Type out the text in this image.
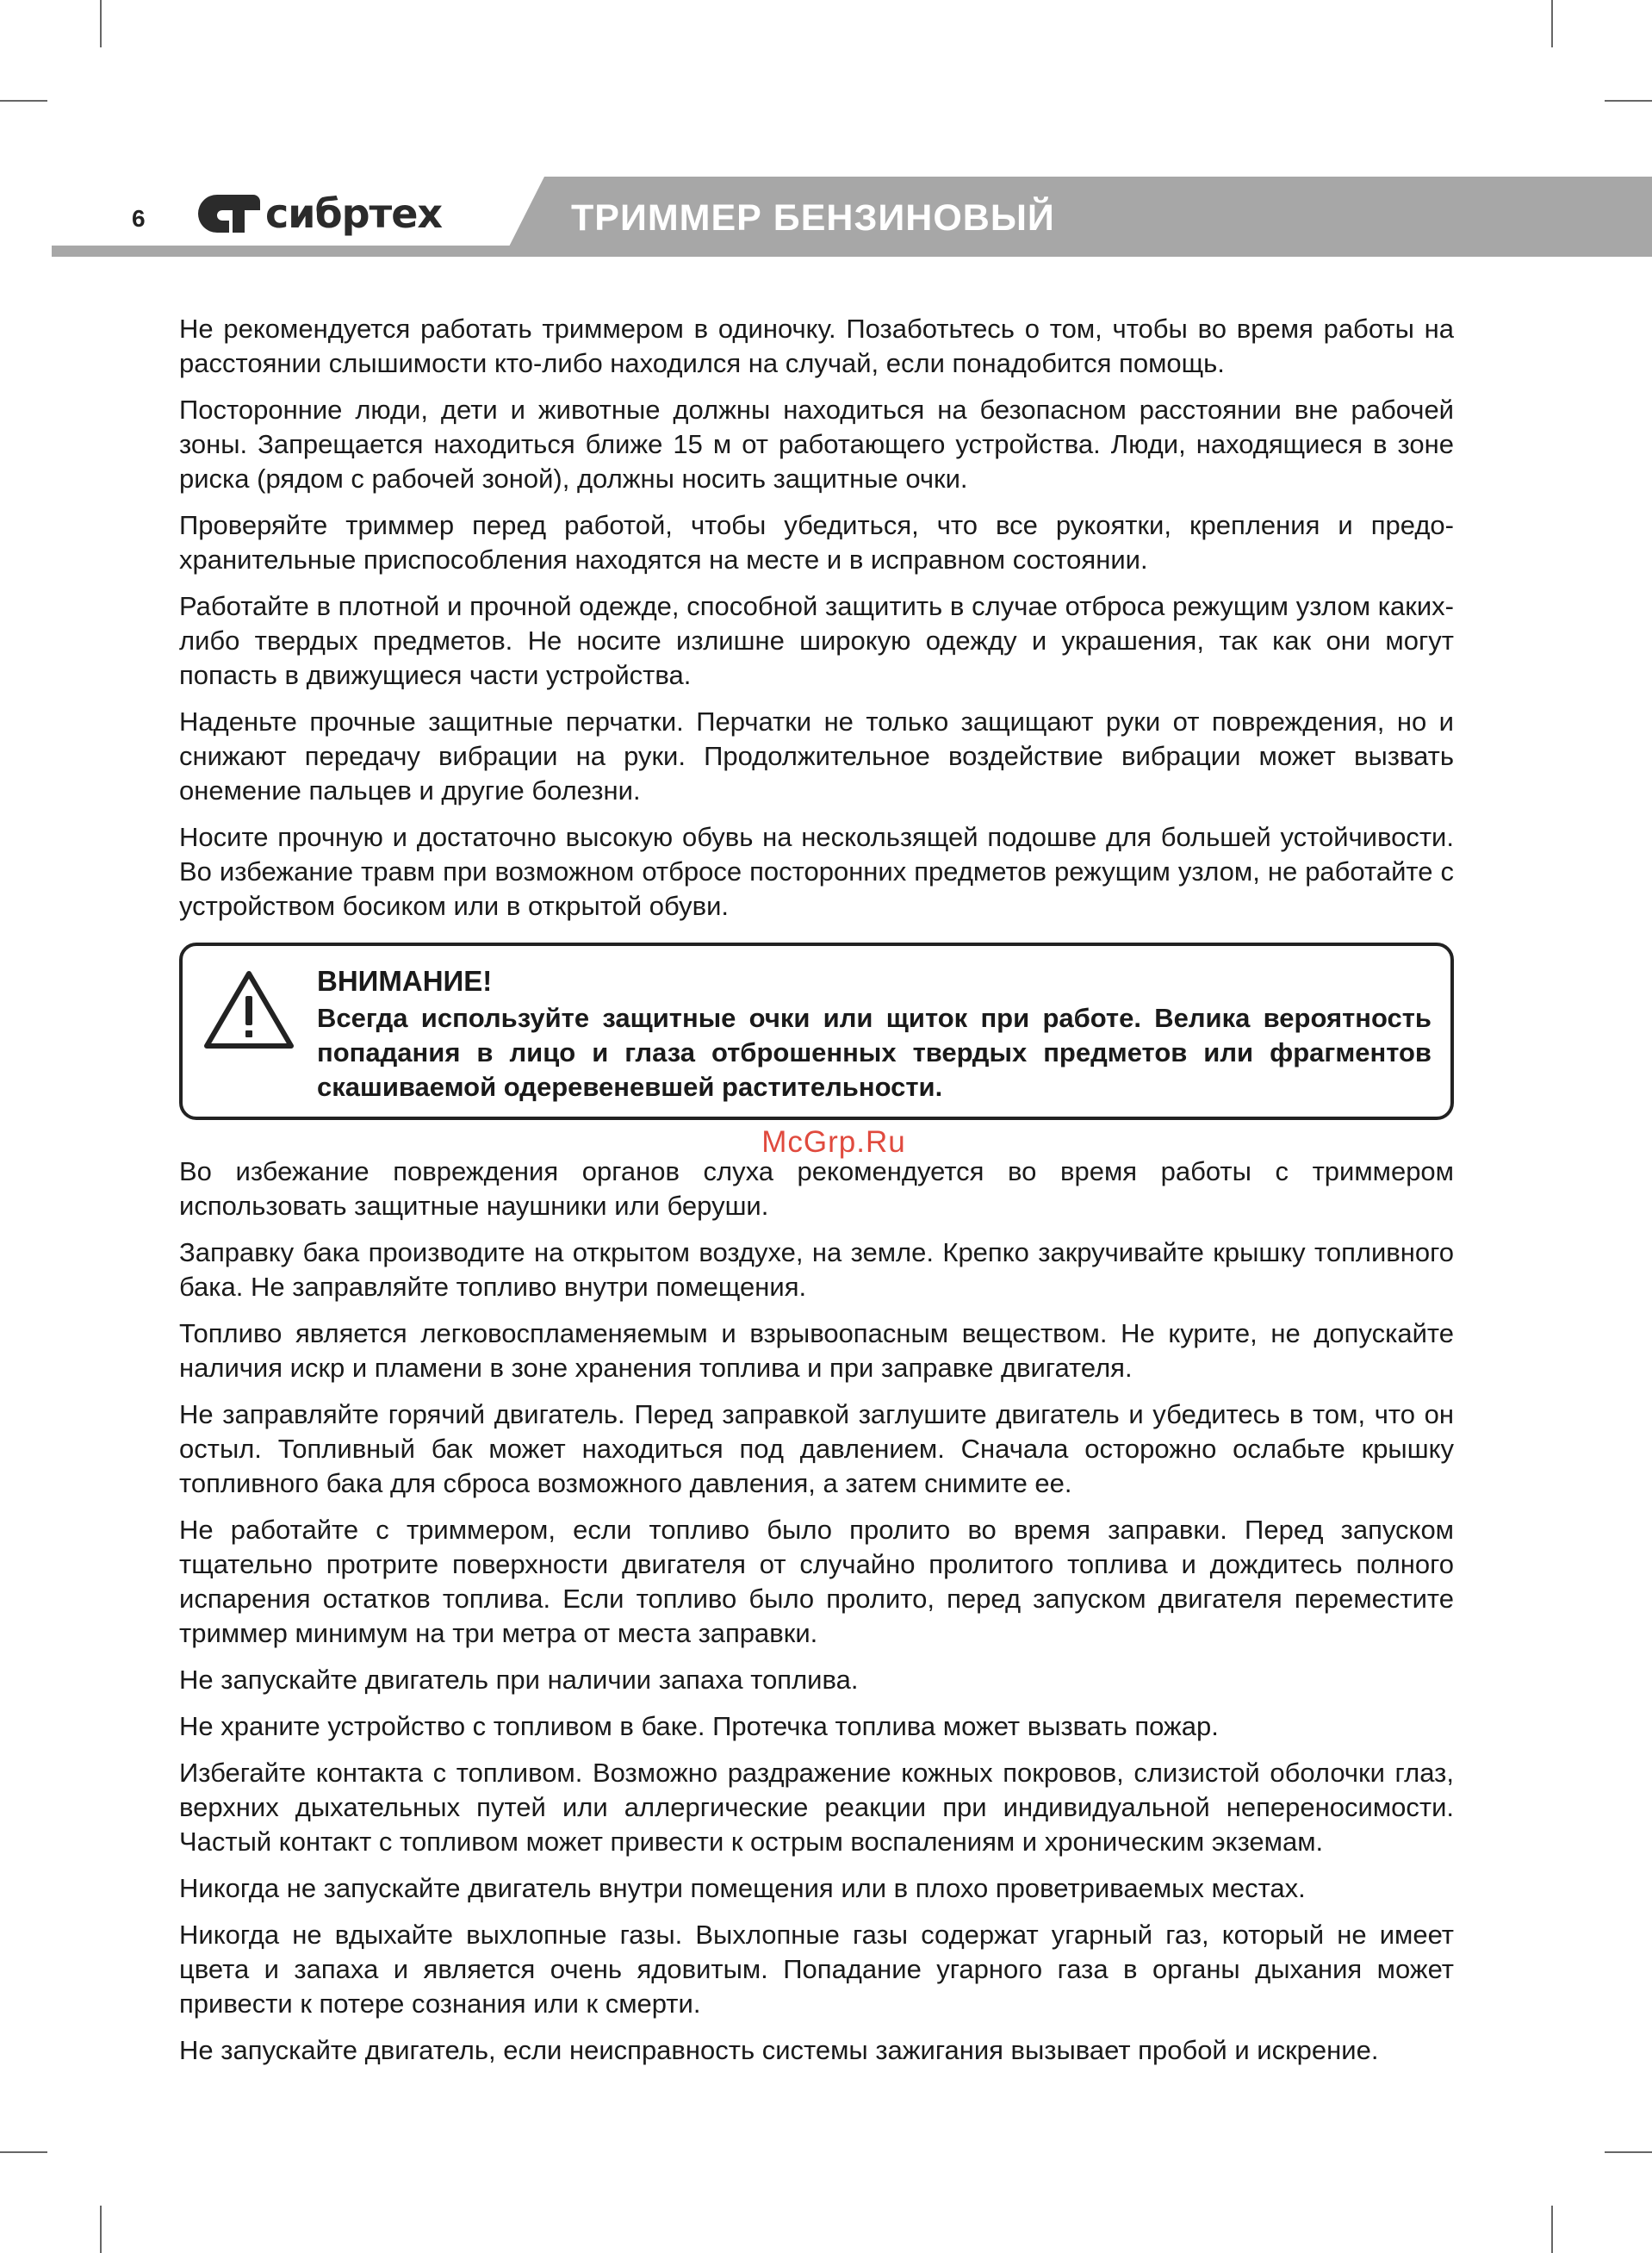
6	сибртех	ТРИММЕР БЕНЗИНОВЫЙ

Не рекомендуется работать триммером в одиночку. Позаботьтесь о том, чтобы во время работы на расстоянии слышимости кто-либо находился на случай, если понадобится помощь.

Посторонние люди, дети и животные должны находиться на безопасном расстоянии вне рабочей зоны. Запрещается находиться ближе 15 м от работающего устройства. Люди, находящиеся в зоне риска (рядом с рабочей зоной), должны носить защитные очки.

Проверяйте триммер перед работой, чтобы убедиться, что все рукоятки, крепления и предохранительные приспособления находятся на месте и в исправном состоянии.

Работайте в плотной и прочной одежде, способной защитить в случае отброса режущим узлом каких-либо твердых предметов. Не носите излишне широкую одежду и украшения, так как они могут попасть в движущиеся части устройства.

Наденьте прочные защитные перчатки. Перчатки не только защищают руки от повреждения, но и снижают передачу вибрации на руки. Продолжительное воздействие вибрации может вызвать онемение пальцев и другие болезни.

Носите прочную и достаточно высокую обувь на нескользящей подошве для большей устойчивости. Во избежание травм при возможном отбросе посторонних предметов режущим узлом, не работайте с устройством босиком или в открытой обуви.

ВНИМАНИЕ!
Всегда используйте защитные очки или щиток при работе. Велика вероятность попадания в лицо и глаза отброшенных твердых предметов или фрагментов скашиваемой одеревеневшей растительности.
McGrp.Ru

Во избежание повреждения органов слуха рекомендуется во время работы с триммером использовать защитные наушники или беруши.

Заправку бака производите на открытом воздухе, на земле. Крепко закручивайте крышку топливного бака. Не заправляйте топливо внутри помещения.

Топливо является легковоспламеняемым и взрывоопасным веществом. Не курите, не допускайте наличия искр и пламени в зоне хранения топлива и при заправке двигателя.

Не заправляйте горячий двигатель. Перед заправкой заглушите двигатель и убедитесь в том, что он остыл. Топливный бак может находиться под давлением. Сначала осторожно ослабьте крышку топливного бака для сброса возможного давления, а затем снимите ее.

Не работайте с триммером, если топливо было пролито во время заправки. Перед запуском тщательно протрите поверхности двигателя от случайно пролитого топлива и дождитесь полного испарения остатков топлива. Если топливо было пролито, перед запуском двигателя переместите триммер минимум на три метра от места заправки.

Не запускайте двигатель при наличии запаха топлива.

Не храните устройство с топливом в баке. Протечка топлива может вызвать пожар.

Избегайте контакта с топливом. Возможно раздражение кожных покровов, слизистой оболочки глаз, верхних дыхательных путей или аллергические реакции при индивидуальной непереносимости. Частый контакт с топливом может привести к острым воспалениям и хроническим экземам.

Никогда не запускайте двигатель внутри помещения или в плохо проветриваемых местах.

Никогда не вдыхайте выхлопные газы. Выхлопные газы содержат угарный газ, который не имеет цвета и запаха и является очень ядовитым. Попадание угарного газа в органы дыхания может привести к потере сознания или к смерти.

Не запускайте двигатель, если неисправность системы зажигания вызывает пробой и искрение.
